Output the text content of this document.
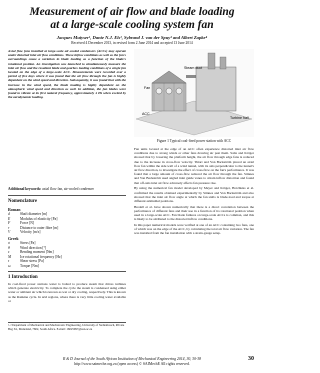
Measurement of air flow and blade loading
at a large-scale cooling system fan
Jacques Muiyser¹, Danie N.J. Els², Sybrand J. van der Spuy³ and Albert Zapke⁴
Received 4 December 2013, in revised form 2 June 2014 and accepted 13 June 2014
Axial flow fans installed at large-scale air-cooled condensers (ACCs) may operate under distorted inlet air flow conditions. These inflow conditions as well as the fan's surroundings cause a variation in blade loading as a function of the blade's rotational position. An investigation was launched to simultaneously measure the inlet air flow and the resultant blade and gearbox loading conditions of a single fan located on the edge of a large-scale ACC. Measurements were recorded over a period of five days where it was found that the air flow through the fan is highly dependent on the wind speed and direction. Subsequently, it was found that with the increase in the wind speed, the blade loading is highly dependent on the atmospheric wind speed and direction as well. In addition, the fan blades were found to vibrate at its first natural frequency, approximately 4 Hz when excited by the aerodynamic loading.
Additional keywords: axial flow fan, air-cooled condenser
Nomenclature
Roman
d	Shaft diameter [m]
E	Modulus of elasticity [Pa]
F	Force [N]
r	Distance to outer fibre [m]
V	Velocity [m/s]
Greek
σ	Stress [Pa]
θ	Wind direction [°]
ε	Bending moment [Nm]
M	Ice rotational frequency [Hz]
τ	Shear stress [Pa]
ω	Torque [Nm]
1 Introduction
In coal-fired power stations water is boiled to produce steam that drives turbines which generate electricity. To complete the cycle the steam is condensed using either water or ambient air which is known as wet or dry cooling, respectively. This is known as the Rankine cycle. In arid regions, where there is very little cooling water available or
¹–⁴ Department of Mechanical and Mechatronic Engineering, University of Stellenbosch, Private Bag X1, Matieland, 7602, South Africa. E-mail: 16025997@sun.ac.za
Steam duct
Turbine hall
Fan
ACC
Figure 1 Typical coal-fired power station with ACC

Fan units located at the edge of an ACC often experience distorted inlet air flow conditions due to strong winds or other fans drawing air past them. Salta and Kröger showed that by lowering the platform height, the air flow through edge fans is reduced due to the increase in cross-flow velocity. Thiart and Von Backström placed an axial flow fan within the side wall of a wind tunnel, with its axis perpendicular to the tunnel's air flow direction, to investigate the effect of cross-flow on the fan's performance. It was found that a large amount of cross-flow reduced the air flow through the fan. Stinnes and Von Backström used angled inlet guide vanes to obtain inflow distortion and found that off-axis inlet air flow adversely affects fan pressure rise.

By using the numerical fan model developed by Meyer and Kröger, Hotchkiss et al. confirmed the results obtained experimentally by Stinnes and Von Backström and also showed that the inlet air flow angle at which the fan stalls is blade-load and torque at different azimuthal positions.

Bredell et al. have shown numerically that there is a direct correlation between the performance of different fans and their use in a function of its rotational position when used in a large-scale ACC. Fan blade failures on large-scale ACCs is common, and this is likely to be attributed to the distorted inflow conditions.

In this paper numerical models were verified at one of an ACC containing two fans, one of which was on the edge of the ACC, by calculating the total air flow variation. The fan was installed from the fan installation with a strain-gauge setup.

R & D Journal of the South African Institution of Mechanical Engineering 2014, 30, 30-38
http://www.saimeche.org.za (open access) © SAIMechE All rights reserved.
30
